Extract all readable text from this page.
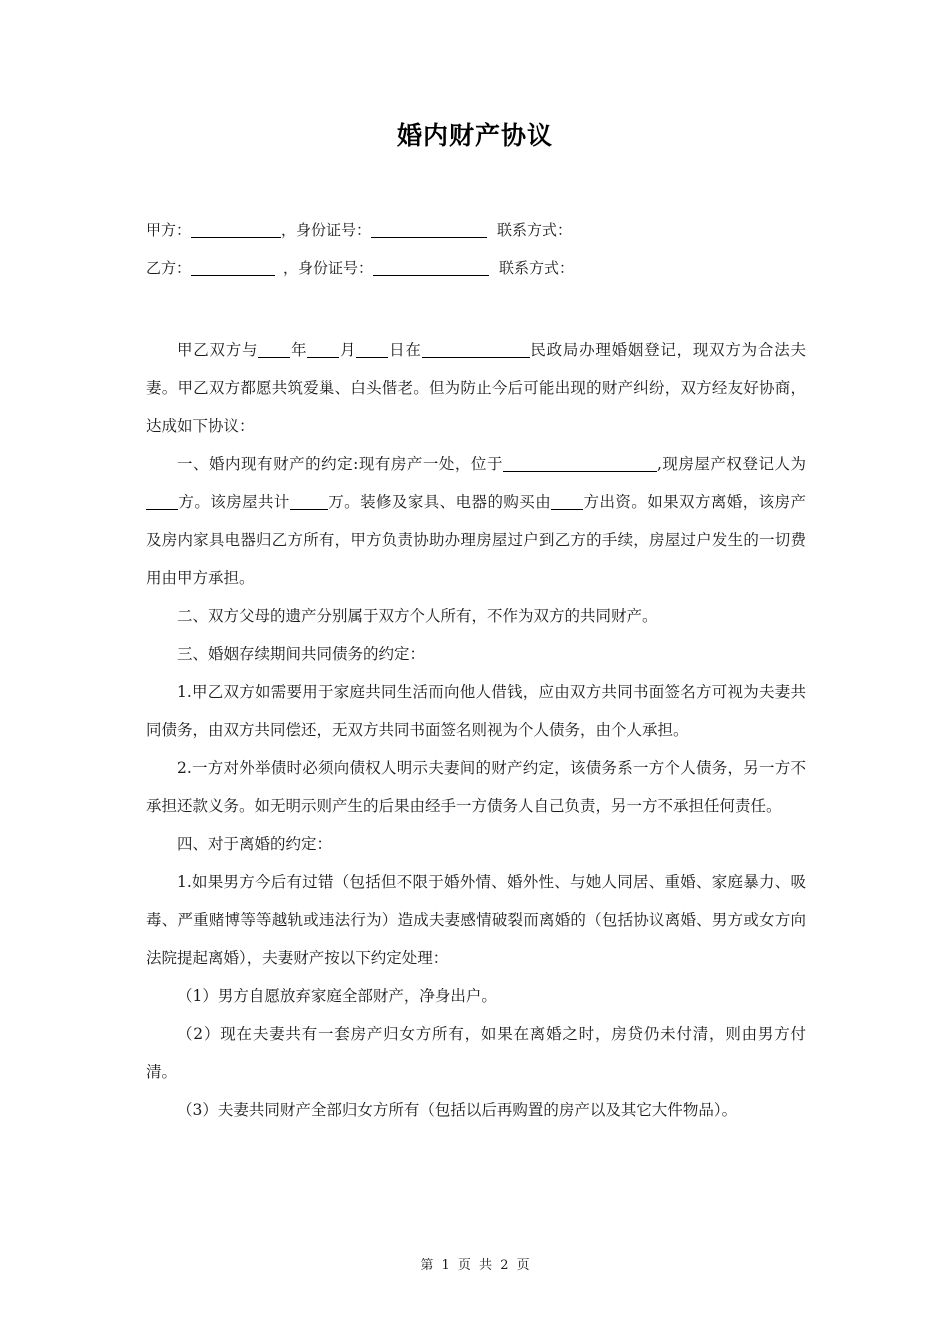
婚内财产协议
甲方：	，身份证号：	联系方式：
乙方：	，身份证号：	联系方式：

甲乙双方与 年 月 日在	民政局办理婚姻登记，现双方为合法夫妻。甲乙双方都愿共筑爱巢、白头偕老。但为防止今后可能出现的财产纠纷，双方经友好协商，达成如下协议：

一、婚内现有财产的约定:现有房产一处，位于	,现房屋产权登记人为方。该房屋共计 万。装修及家具、电器的购买由 方出资。如果双方离婚，该房产及房内家具电器归乙方所有，甲方负责协助办理房屋过户到乙方的手续，房屋过户发生的一切费用由甲方承担。

二、双方父母的遗产分别属于双方个人所有，不作为双方的共同财产。

三、婚姻存续期间共同债务的约定：

1.甲乙双方如需要用于家庭共同生活而向他人借钱，应由双方共同书面签名方可视为夫妻共同债务，由双方共同偿还，无双方共同书面签名则视为个人债务，由个人承担。

2.一方对外举债时必须向债权人明示夫妻间的财产约定，该债务系一方个人债务，另一方不承担还款义务。如无明示则产生的后果由经手一方债务人自己负责，另一方不承担任何责任。

四、对于离婚的约定：

1.如果男方今后有过错（包括但不限于婚外情、婚外性、与她人同居、重婚、家庭暴力、吸毒、严重赌博等等越轨或违法行为）造成夫妻感情破裂而离婚的（包括协议离婚、男方或女方向法院提起离婚），夫妻财产按以下约定处理：

（1）男方自愿放弃家庭全部财产，净身出户。

（2）现在夫妻共有一套房产归女方所有，如果在离婚之时，房贷仍未付清，则由男方付清。

（3）夫妻共同财产全部归女方所有（包括以后再购置的房产以及其它大件物品）。

第 1 页 共 2 页
